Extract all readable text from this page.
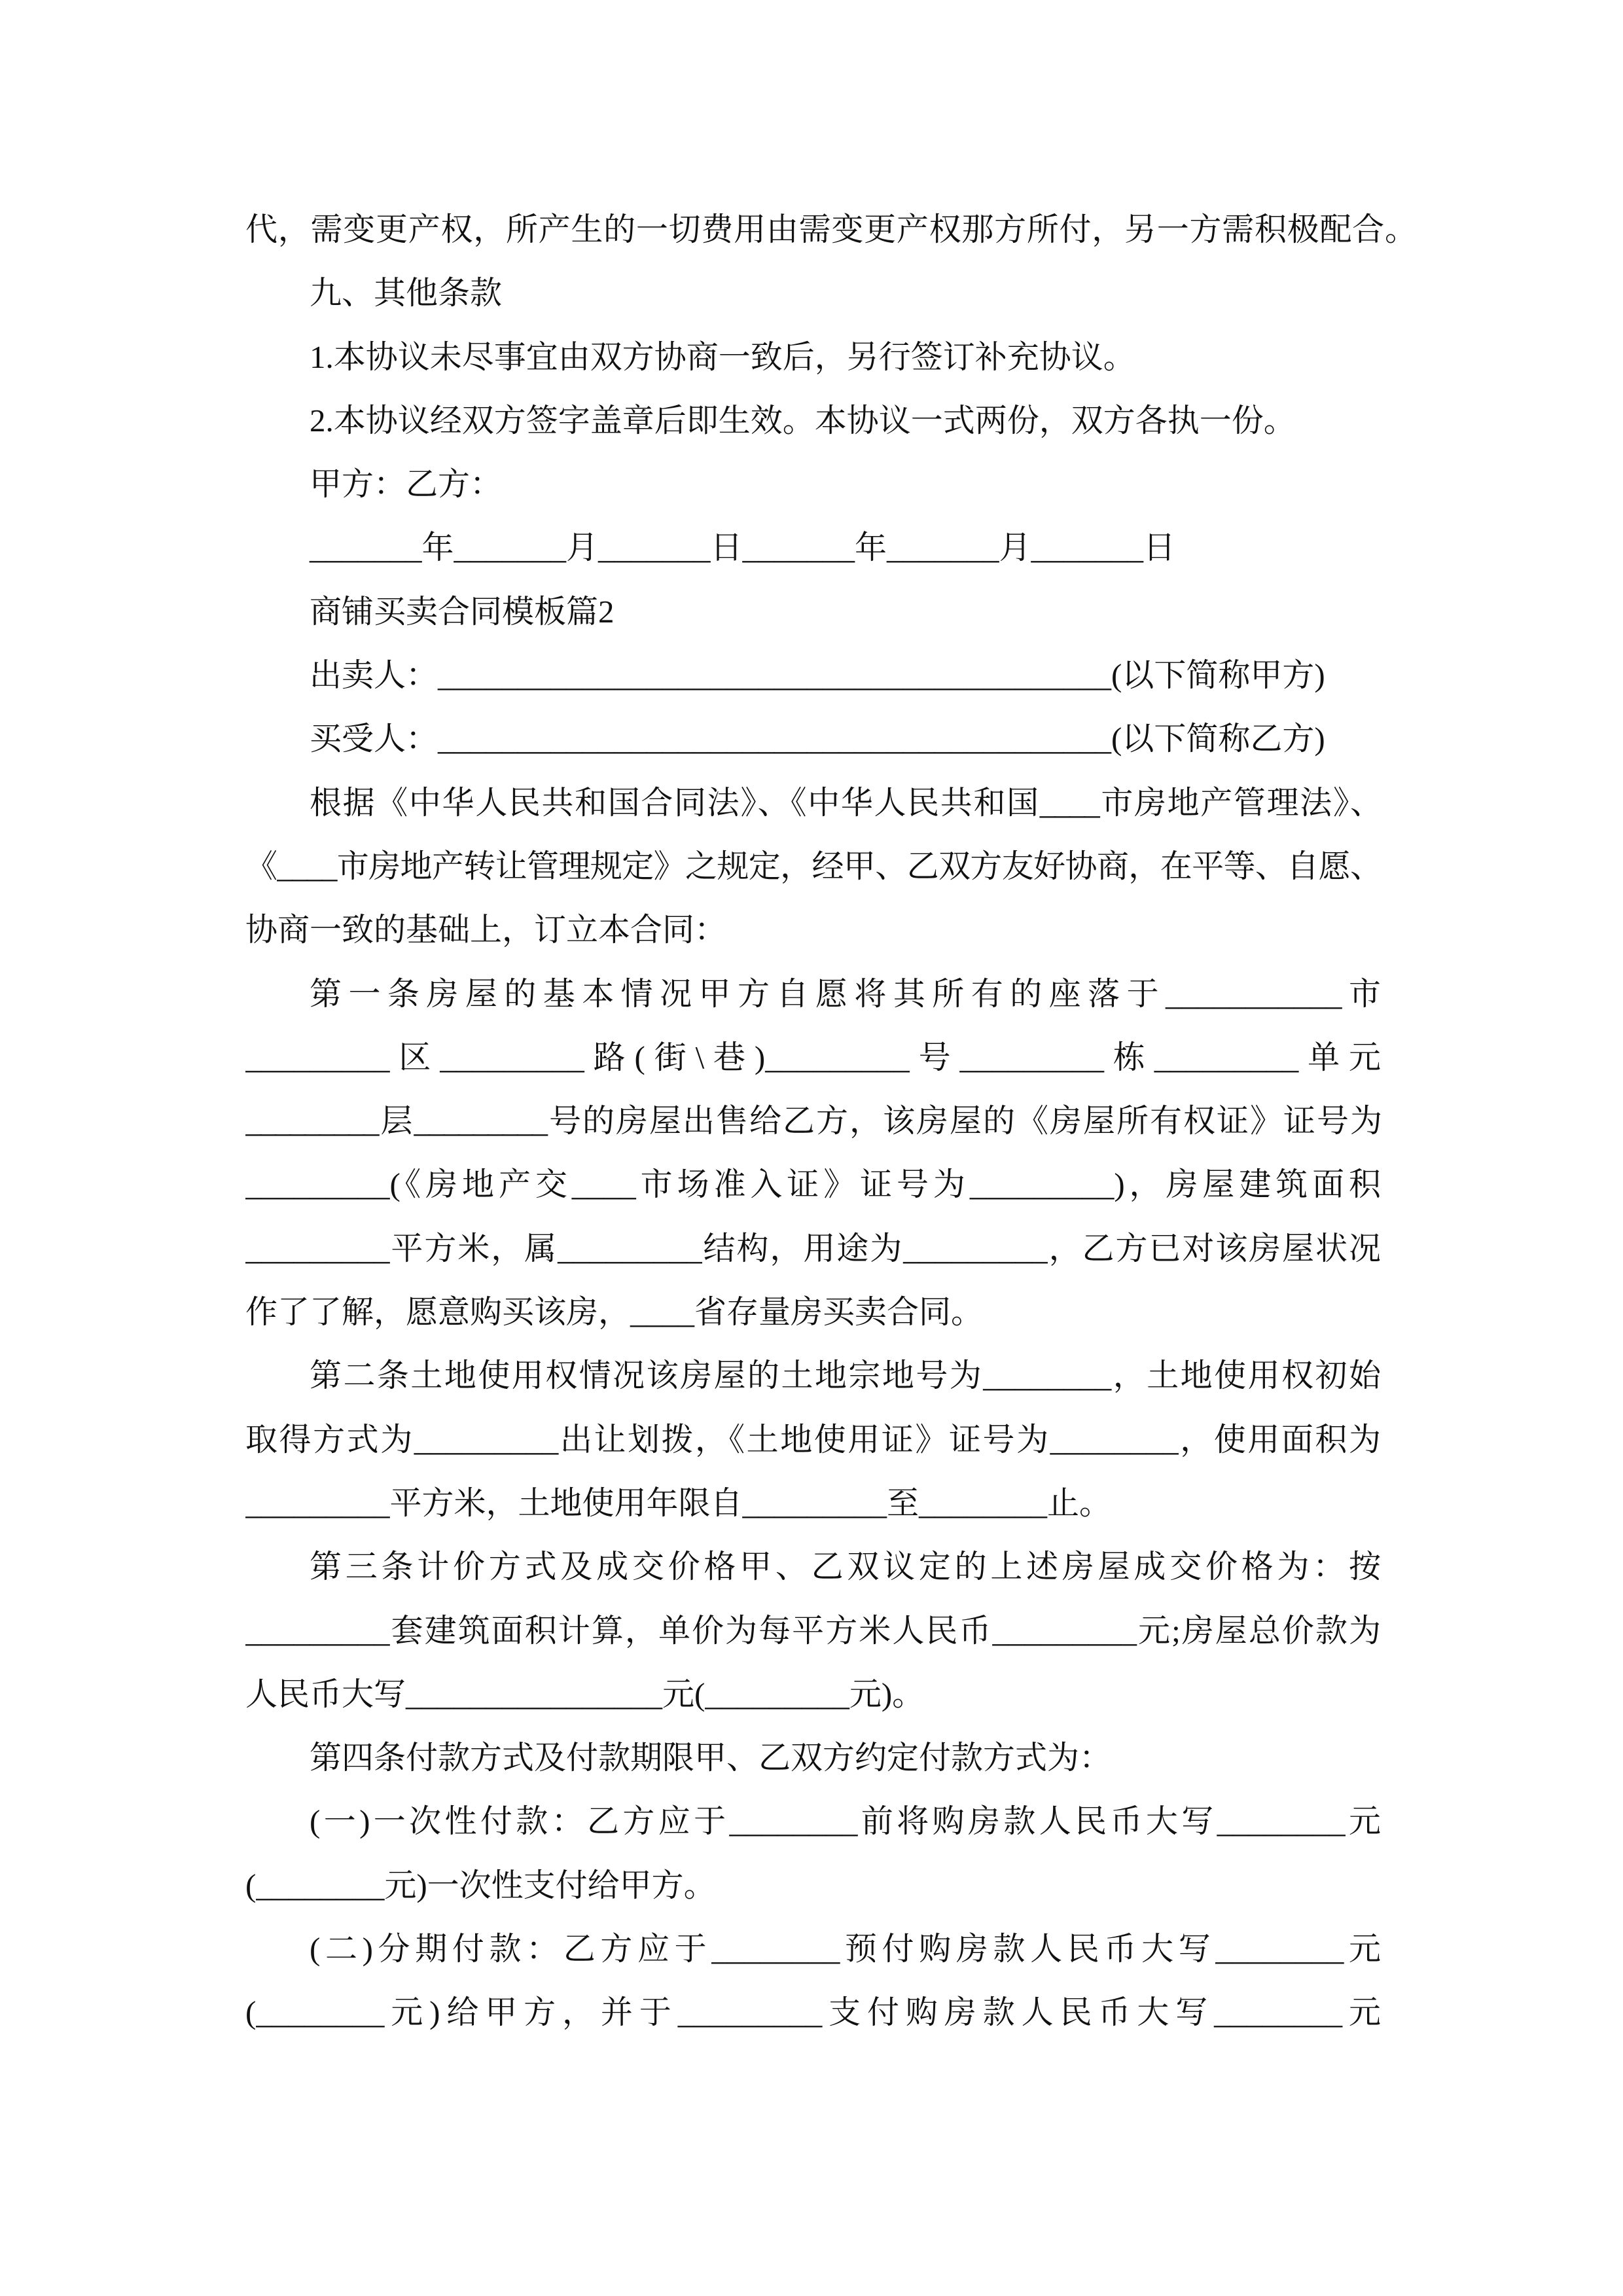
代，需变更产权，所产生的一切费用由需变更产权那方所付，另一方需积极配合。
九、其他条款
1.本协议未尽事宜由双方协商一致后，另行签订补充协议。
2.本协议经双方签字盖章后即生效。本协议一式两份，双方各执一份。
甲方：乙方：
_______年_______月_______日_______年_______月_______日
商铺买卖合同模板篇2
出卖人：__________________________________________(以下简称甲方)
买受人：__________________________________________(以下简称乙方)
根据《中华人民共和国合同法》、《中华人民共和国____市房地产管理法》、
《____市房地产转让管理规定》之规定，经甲、乙双方友好协商，在平等、自愿、
协商一致的基础上，订立本合同：
第一条房屋的基本情况甲方自愿将其所有的座落于___________市
_________区_________路(街\巷)_________号_________栋_________单元
_________层_________号的房屋出售给乙方，该房屋的《房屋所有权证》证号为
_________(《房地产交____市场准入证》证号为_________)，房屋建筑面积
_________平方米，属_________结构，用途为_________，乙方已对该房屋状况
作了了解，愿意购买该房，____省存量房买卖合同。
第二条土地使用权情况该房屋的土地宗地号为________，土地使用权初始
取得方式为_________出让划拨，《土地使用证》证号为________，使用面积为
_________平方米，土地使用年限自_________至________止。
第三条计价方式及成交价格甲、乙双议定的上述房屋成交价格为：按
_________套建筑面积计算，单价为每平方米人民币_________元;房屋总价款为
人民币大写________________元(_________元)。
第四条付款方式及付款期限甲、乙双方约定付款方式为：
(一)一次性付款：乙方应于________前将购房款人民币大写________元
(________元)一次性支付给甲方。
(二)分期付款：乙方应于________预付购房款人民币大写________元
(________元)给甲方，并于_________支付购房款人民币大写________元
